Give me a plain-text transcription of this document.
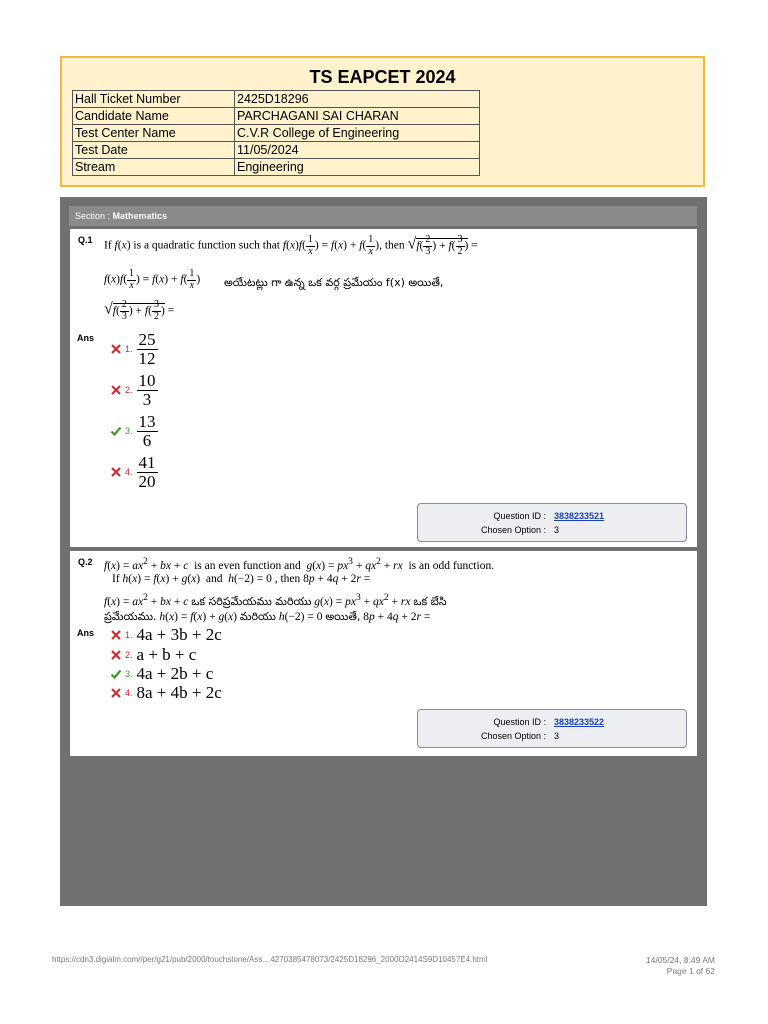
TS EAPCET 2024
Hall Ticket Number	2425D18296
Candidate Name	PARCHAGANI SAI CHARAN
Test Center Name	C.V.R College of Engineering
Test Date	11/05/2024
Stream	Engineering
Section : Mathematics
Q.1 If f(x) is a quadratic function such that $f(x)f( \frac{1}{x}$ ) = $f(x) + f( \frac{1}{x}$ ), then $√f( \frac{2}{3}$ ) + $f( \frac{3}{2}$ ) =
$f(x)f( \frac{1}{x}$ ) = $f(x) + f( \frac{1}{x}$ ) అయేటట్లు గా ఉన్న ఒక వర్గ ప్రమేయం f(x) అయితే,
$√f( \frac{2}{3}$ ) + $f( \frac{3}{2}$ ) =
Ans
1. $\frac{25}{12}$
2. $\frac{10}{3}$
3. $\frac{13}{6}$
4. $\frac{41}{20}$
Question ID : 3838233521
Chosen Option : 3
Q.2 $f(x) = ax^2$ + bx + c is an even function and $g(x) = px^3 + qx^2$ + rx is an odd function.
If h(x) = f(x) + g(x)  and h(−2) = 0 , then 8p + 4q + 2r =
$f(x) = ax^2$ + bx + c ఒక సరిప్రమేయము మరియు $g(x) = px^3 + qx^2$ + rx ఒక బేసి
ప్రమేయము. h(x) = f(x) + g(x) మరియు h(−2) = 0 అయితే, 8p + 4q + 2r =
Ans	1. 4a + 3b + 2c
2. a + b + c
3. 4a + 2b + c
4. 8a + 4b + 2c
Question ID : 3838233522
Chosen Option : 3
https://cdn3.digialm.com//per/g21/pub/2000/touchstone/Ass…4270385478073/2425D18296_2000O2414S9D10457E4.html	14/05/24, 8:49 AM
Page 1 of 62
